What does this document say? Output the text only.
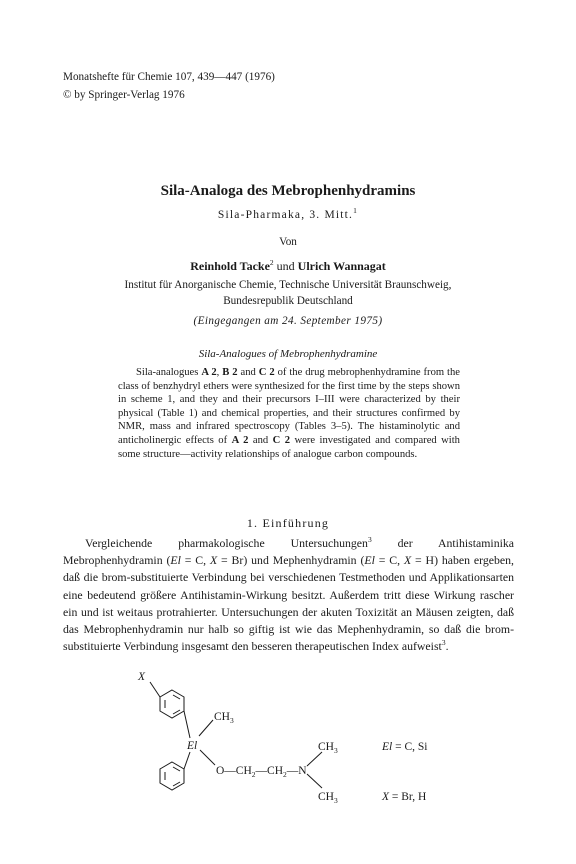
Monatshefte für Chemie 107, 439—447 (1976)
© by Springer-Verlag 1976
Sila-Analoga des Mebrophenhydramins
Sila-Pharmaka, 3. Mitt.$^1$
Von
Reinhold Tacke$^2$ und Ulrich Wannagat
Institut für Anorganische Chemie, Technische Universität Braunschweig,
Bundesrepublik Deutschland
(Eingegangen am 24. September 1975)
Sila-Analogues of Mebrophenhydramine

Sila-analogues A 2, B 2 and C 2 of the drug mebrophenhydramine from the class of benzhydryl ethers were synthesized for the first time by the steps shown in scheme 1, and they and their precursors I–III were characterized by their physical (Table 1) and chemical properties, and their structures confirmed by NMR, mass and infrared spectroscopy (Tables 3–5). The histaminolytic and anticholinergic effects of A 2 and C 2 were investigated and compared with some structure—activity relationships of analogue carbon compounds.

1. Einführung

Vergleichende pharmakologische Untersuchungen$^3$ der Antihistaminika Mebrophenhydramin (El = C, X = Br) und Mephenhydramin (El = C, X = H) haben ergeben, daß die brom-substituierte Verbindung bei verschiedenen Testmethoden und Applikationsarten eine bedeutend größere Antihistamin-Wirkung besitzt. Außerdem tritt diese Wirkung rascher ein und ist weitaus protrahierter. Untersuchungen der akuten Toxizität an Mäusen zeigten, daß das Mebrophenhydramin nur halb so giftig ist wie das Mephenhydramin, so daß die brom-substituierte Verbindung insgesamt den besseren therapeutischen Index aufweist$^3$.

X
$CH_3$
El
$O—CH_2—CH_2—N$
$CH_3$
$CH_3$
El = C, Si
X = Br, H
